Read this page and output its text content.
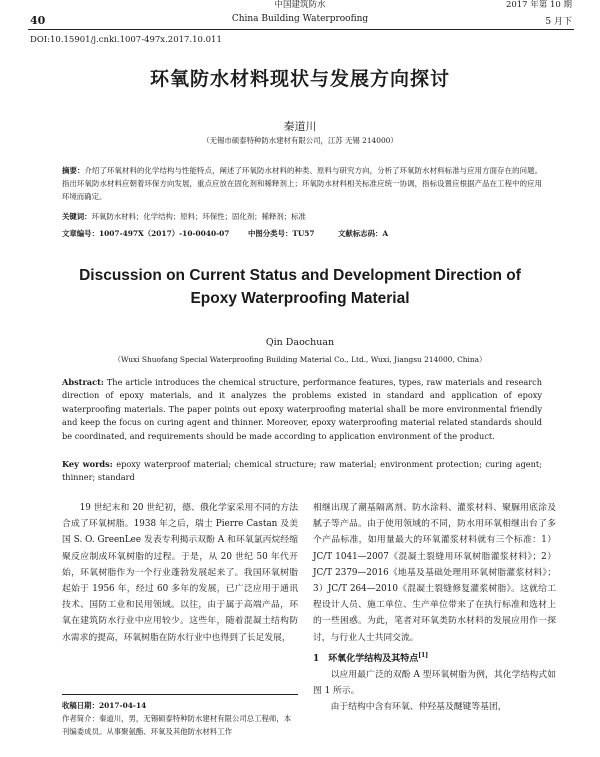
40
中国建筑防水
China Building Waterproofing
2017 年第 10 期
5 月下
DOI:10.15901/j.cnki.1007-497x.2017.10.011
环氧防水材料现状与发展方向探讨
秦道川
（无锡市硕泰特种防水建材有限公司，江苏 无锡 214000）
摘要：介绍了环氧材料的化学结构与性能特点，阐述了环氧防水材料的种类、原料与研究方向，分析了环氧防水材料标准与应用方面存在的问题。指出环氧防水材料应朝着环保方向发展，重点应放在固化剂和稀释剂上；环氧防水材料相关标准应统一协调，指标设置应根据产品在工程中的应用环境而确定。
关键词：环氧防水材料；化学结构；原料；环保性；固化剂；稀释剂；标准
文章编号：1007-497X（2017）-10-0040-07	中图分类号：TU57	文献标志码：A
Discussion on Current Status and Development Direction of
Epoxy Waterproofing Material
Qin Daochuan
（Wuxi Shuofang Special Waterproofing Building Material Co., Ltd., Wuxi, Jiangsu 214000, China）
Abstract: The article introduces the chemical structure, performance features, types, raw materials and research direction of epoxy materials, and it analyzes the problems existed in standard and application of epoxy waterproofing materials. The paper points out epoxy waterproofing material shall be more environmental friendly and keep the focus on curing agent and thinner. Moreover, epoxy waterproofing material related standards should be coordinated, and requirements should be made according to application environment of the product.
Key words: epoxy waterproof material; chemical structure; raw material; environment protection; curing agent; thinner; standard

19 世纪末和 20 世纪初，德、俄化学家采用不同的方法合成了环氧树脂。1938 年之后，瑞士 Pierre Castan 及美国 S. O. GreenLee 发表专利揭示双酚 A 和环氧氯丙烷经缩聚反应制成环氧树脂的过程。于是，从 20 世纪 50 年代开始，环氧树脂作为一个行业蓬勃发展起来了。我国环氧树脂起始于 1956 年，经过 60 多年的发展，已广泛应用于通讯技术、国防工业和民用领域。以往，由于属于高端产品，环氧在建筑防水行业中应用较少。这些年，随着混凝土结构防水需求的提高，环氧树脂在防水行业中也得到了长足发展，

收稿日期：2017-04-14
作者简介：秦道川，男，无锡硕泰特种防水建材有限公司总工程师，本刊编委成员。从事聚氨酯、环氧及其他防水材料工作

相继出现了潮基隔离剂、防水涂料、灌浆材料、聚脲用底涂及腻子等产品。由于使用领域的不同，防水用环氧相继出台了多个产品标准，如用量最大的环氧灌浆材料就有三个标准：1）JC/T 1041—2007《混凝土裂缝用环氧树脂灌浆材料》；2）JC/T 2379—2016《地基及基础处理用环氧树脂灌浆材料》；3）JC/T 264—2010《混凝土裂缝修复灌浆树脂》。这就给工程设计人员、施工单位、生产单位带来了在执行标准和选材上的一些困惑。为此，笔者对环氧类防水材料的发展应用作一探讨，与行业人士共同交流。

1　环氧化学结构及其特点[1]

以应用最广泛的双酚 A 型环氧树脂为例，其化学结构式如图 1 所示。

由于结构中含有环氧、仲羟基及醚键等基团，
